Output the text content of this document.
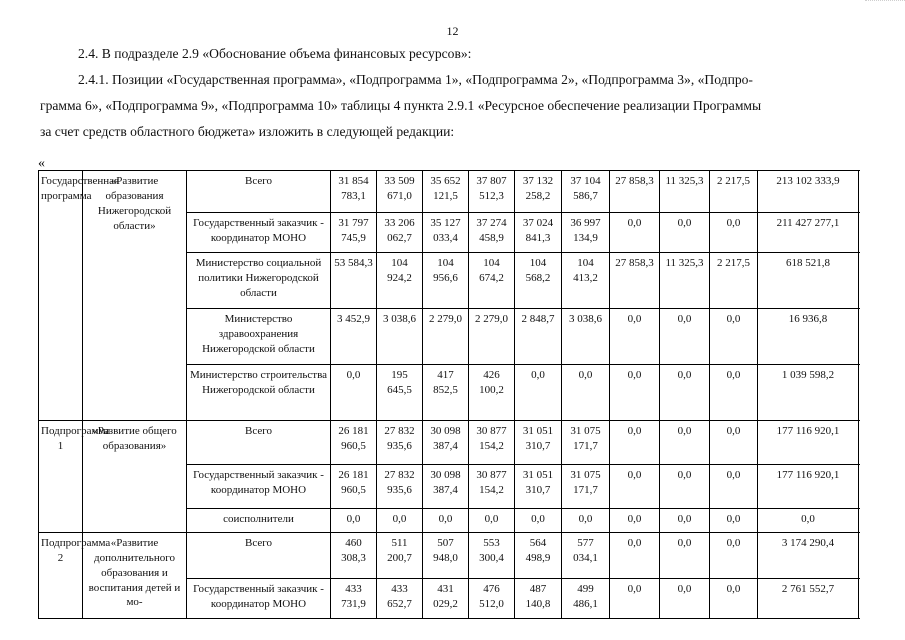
12
2.4. В подразделе 2.9 «Обоснование объема финансовых ресурсов»:
2.4.1. Позиции «Государственная программа», «Подпрограмма 1», «Подпрограмма 2», «Подпрограмма 3», «Подпро-
грамма 6», «Подпрограмма 9», «Подпрограмма 10» таблицы 4 пункта 2.9.1 «Ресурсное обеспечение реализации Программы
за счет средств областного бюджета» изложить в следующей редакции:
«
Государственная программа	«Развитие образования Нижегородской области»	Всего	31 854 783,1	33 509 671,0	35 652 121,5	37 807 512,3	37 132 258,2	37 104 586,7	27 858,3	11 325,3	2 217,5	213 102 333,9
		Государственный заказчик - координатор МОНО	31 797 745,9	33 206 062,7	35 127 033,4	37 274 458,9	37 024 841,3	36 997 134,9	0,0	0,0	0,0	211 427 277,1
		Министерство социальной политики Нижегородской области	53 584,3	104 924,2	104 956,6	104 674,2	104 568,2	104 413,2	27 858,3	11 325,3	2 217,5	618 521,8
		Министерство здравоохранения Нижегородской области	3 452,9	3 038,6	2 279,0	2 279,0	2 848,7	3 038,6	0,0	0,0	0,0	16 936,8
		Министерство строительства Нижегородской области	0,0	195 645,5	417 852,5	426 100,2	0,0	0,0	0,0	0,0	0,0	1 039 598,2
Подпрограмма 1	«Развитие общего образования»	Всего	26 181 960,5	27 832 935,6	30 098 387,4	30 877 154,2	31 051 310,7	31 075 171,7	0,0	0,0	0,0	177 116 920,1
		Государственный заказчик - координатор МОНО	26 181 960,5	27 832 935,6	30 098 387,4	30 877 154,2	31 051 310,7	31 075 171,7	0,0	0,0	0,0	177 116 920,1
		соисполнители	0,0	0,0	0,0	0,0	0,0	0,0	0,0	0,0	0,0	0,0
Подпрограмма 2	«Развитие дополнительного образования и воспитания детей и мо-	Всего	460 308,3	511 200,7	507 948,0	553 300,4	564 498,9	577 034,1	0,0	0,0	0,0	3 174 290,4
		Государственный заказчик - координатор МОНО	433 731,9	433 652,7	431 029,2	476 512,0	487 140,8	499 486,1	0,0	0,0	0,0	2 761 552,7
